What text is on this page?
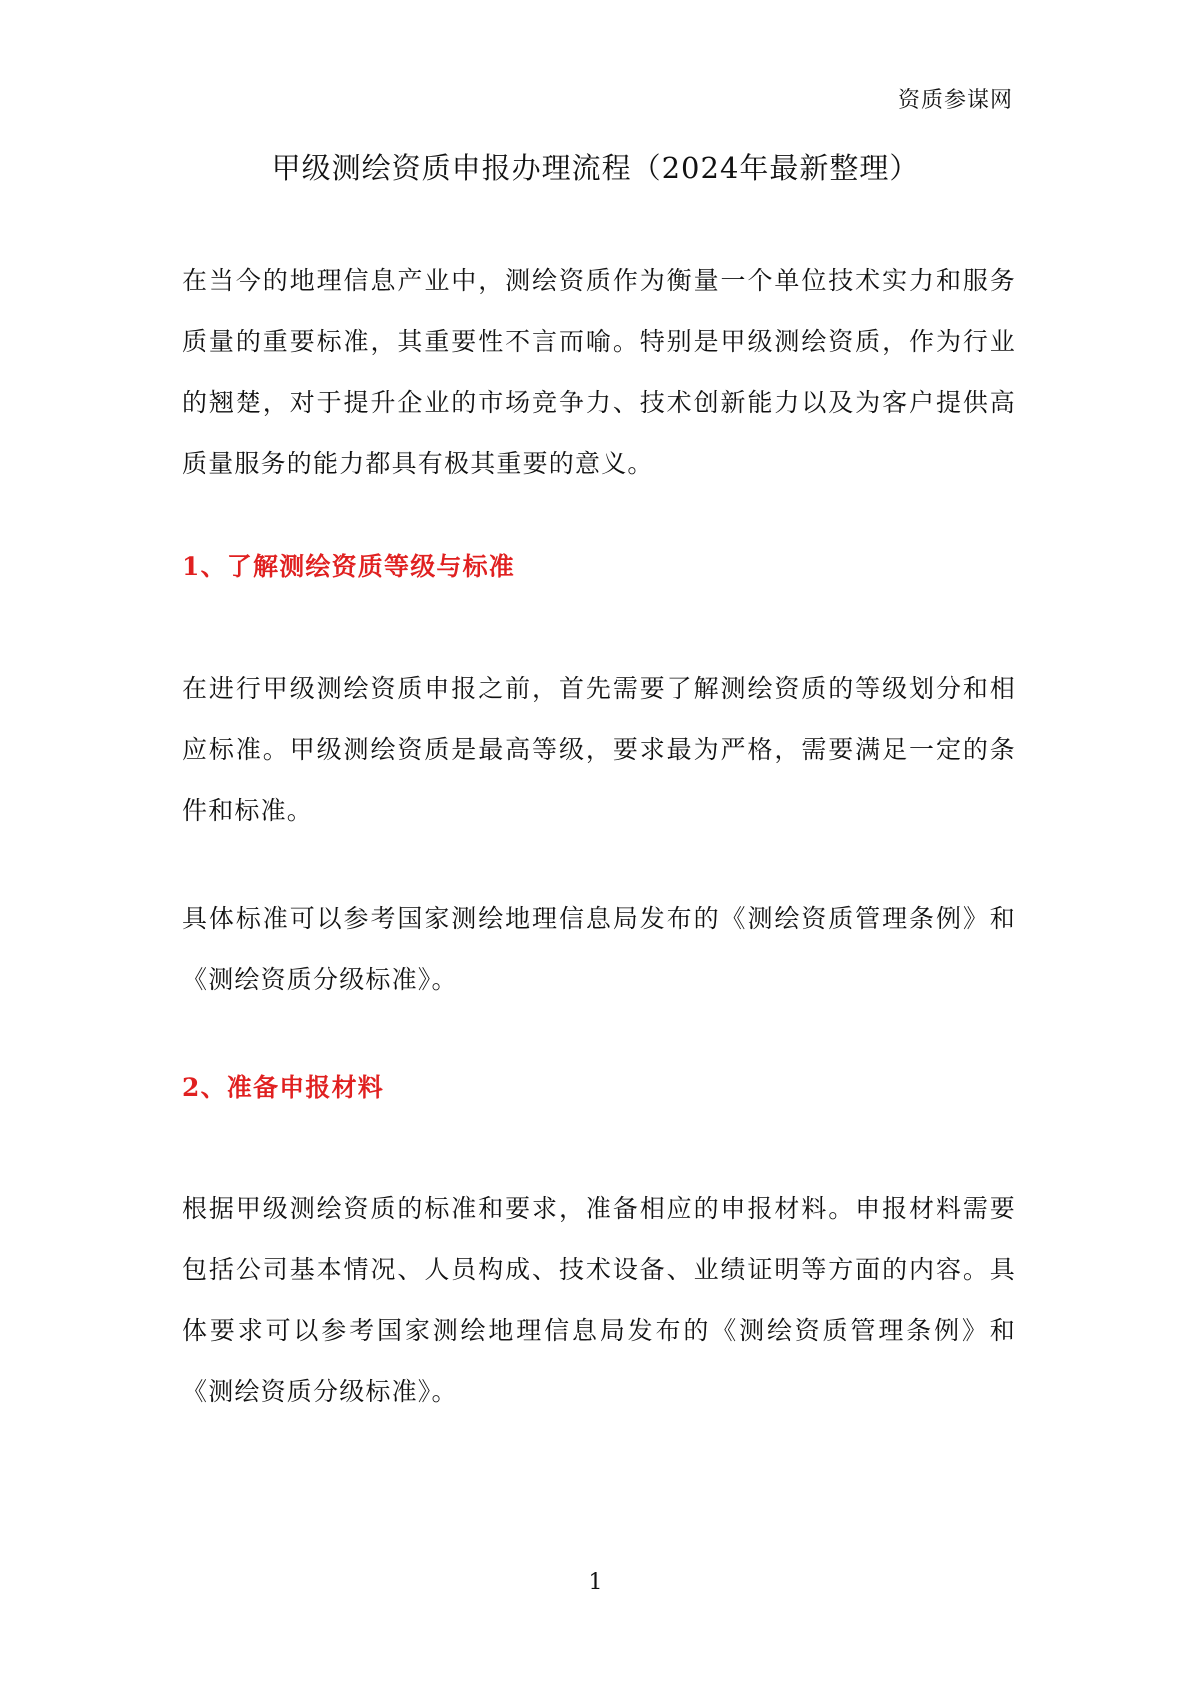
资质参谋网
甲级测绘资质申报办理流程（2024年最新整理）

在当今的地理信息产业中，测绘资质作为衡量一个单位技术实力和服务质量的重要标准，其重要性不言而喻。特别是甲级测绘资质，作为行业的翘楚，对于提升企业的市场竞争力、技术创新能力以及为客户提供高质量服务的能力都具有极其重要的意义。

1、了解测绘资质等级与标准

在进行甲级测绘资质申报之前，首先需要了解测绘资质的等级划分和相应标准。甲级测绘资质是最高等级，要求最为严格，需要满足一定的条件和标准。

具体标准可以参考国家测绘地理信息局发布的《测绘资质管理条例》和《测绘资质分级标准》。

2、准备申报材料

根据甲级测绘资质的标准和要求，准备相应的申报材料。申报材料需要包括公司基本情况、人员构成、技术设备、业绩证明等方面的内容。具体要求可以参考国家测绘地理信息局发布的《测绘资质管理条例》和《测绘资质分级标准》。

1
